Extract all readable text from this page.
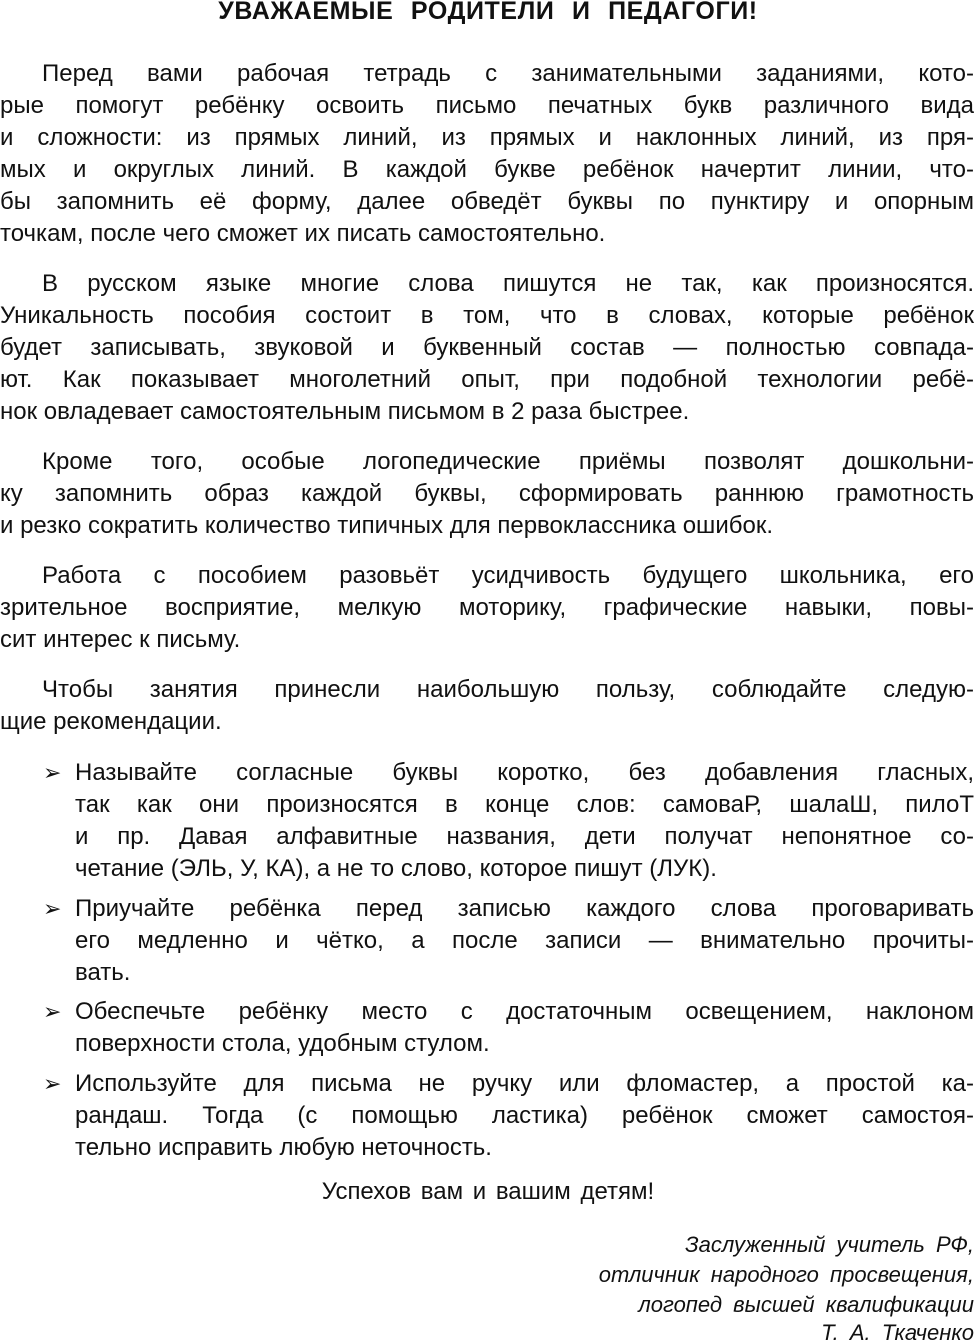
УВАЖАЕМЫЕ РОДИТЕЛИ И ПЕДАГОГИ!
Перед вами рабочая тетрадь с занимательными заданиями, кото-
рые помогут ребёнку освоить письмо печатных букв различного вида
и сложности: из прямых линий, из прямых и наклонных линий, из пря-
мых и округлых линий. В каждой букве ребёнок начертит линии, что-
бы запомнить её форму, далее обведёт буквы по пунктиру и опорным
точкам, после чего сможет их писать самостоятельно.
В русском языке многие слова пишутся не так, как произносятся.
Уникальность пособия состоит в том, что в словах, которые ребёнок
будет записывать, звуковой и буквенный состав — полностью совпада-
ют. Как показывает многолетний опыт, при подобной технологии ребё-
нок овладевает самостоятельным письмом в 2 раза быстрее.
Кроме того, особые логопедические приёмы позволят дошкольни-
ку запомнить образ каждой буквы, сформировать раннюю грамотность
и резко сократить количество типичных для первоклассника ошибок.
Работа с пособием разовьёт усидчивость будущего школьника, его
зрительное восприятие, мелкую моторику, графические навыки, повы-
сит интерес к письму.
Чтобы занятия принесли наибольшую пользу, соблюдайте следую-
щие рекомендации.
➢ Называйте согласные буквы коротко, без добавления гласных,
так как они произносятся в конце слов: самоваР, шалаШ, пилоТ
и пр. Давая алфавитные названия, дети получат непонятное со-
четание (ЭЛЬ, У, КА), а не то слово, которое пишут (ЛУК).
➢ Приучайте ребёнка перед записью каждого слова проговаривать
его медленно и чётко, а после записи — внимательно прочиты-
вать.
➢ Обеспечьте ребёнку место с достаточным освещением, наклоном
поверхности стола, удобным стулом.
➢ Используйте для письма не ручку или фломастер, а простой ка-
рандаш. Тогда (с помощью ластика) ребёнок сможет самостоя-
тельно исправить любую неточность.
Успехов вам и вашим детям!
Заслуженный учитель РФ,
отличник народного просвещения,
логопед высшей квалификации
Т. А. Ткаченко
